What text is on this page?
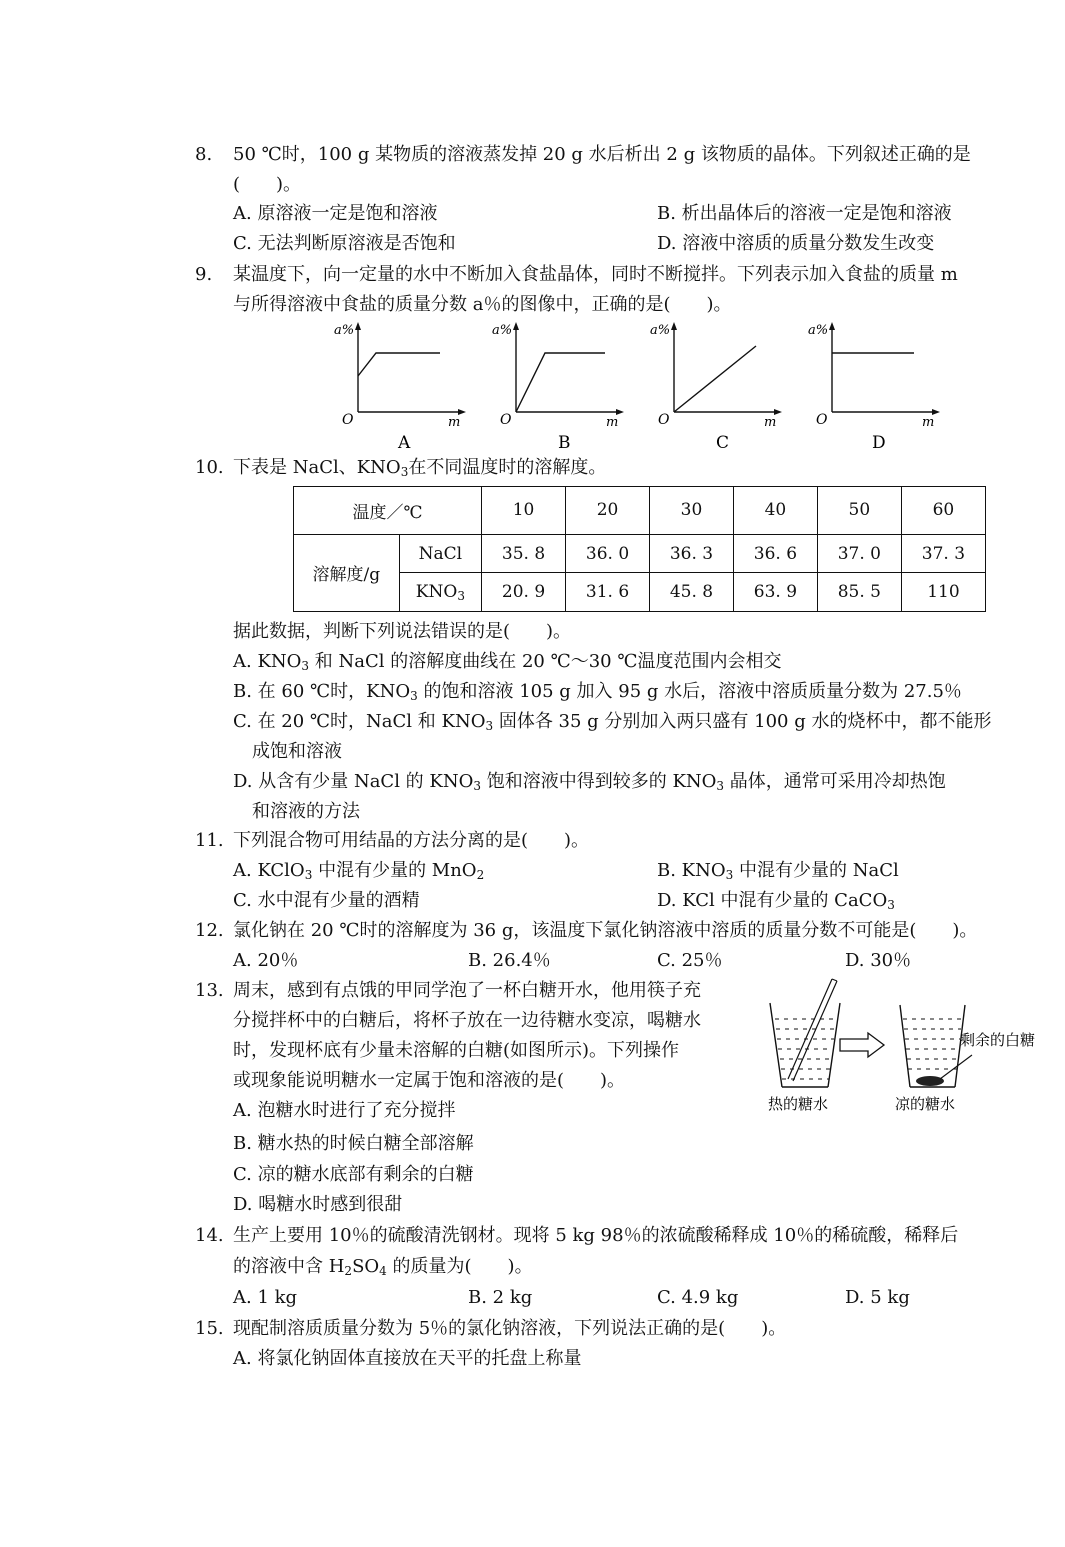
8. 50 ℃时，100 g 某物质的溶液蒸发掉 20 g 水后析出 2 g 该物质的晶体。下列叙述正确的是
(　　)。
A. 原溶液一定是饱和溶液	B. 析出晶体后的溶液一定是饱和溶液
C. 无法判断原溶液是否饱和	D. 溶液中溶质的质量分数发生改变
9. 某温度下，向一定量的水中不断加入食盐晶体，同时不断搅拌。下列表示加入食盐的质量 m
与所得溶液中食盐的质量分数 a％的图像中，正确的是(　　)。
a%
O	m
A
a%
O	m
B
a%
O	m
C
a%
O	m
D
10. 下表是 NaCl、$KNO_3$在不同温度时的溶解度。
温度／℃		10	20	30	40	50	60
溶解度/g	NaCl	35. 8	36. 0	36. 3	36. 6	37. 0	37. 3
	$KNO_3$	20. 9	31. 6	45. 8	63. 9	85. 5	110
据此数据，判断下列说法错误的是(　　)。
A. $KNO_3$ 和 NaCl 的溶解度曲线在 20 ℃～30 ℃温度范围内会相交
B. 在 60 ℃时，$KNO_3$ 的饱和溶液 105 g 加入 95 g 水后，溶液中溶质质量分数为 27.5％
C. 在 20 ℃时，NaCl 和 $KNO_3$ 固体各 35 g 分别加入两只盛有 100 g 水的烧杯中，都不能形
成饱和溶液
D. 从含有少量 NaCl 的 $KNO_3$ 饱和溶液中得到较多的 $KNO_3$ 晶体，通常可采用冷却热饱
和溶液的方法
11. 下列混合物可用结晶的方法分离的是(　　)。
A. KClO$_3$ 中混有少量的 MnO$_2$	B. $KNO_3$ 中混有少量的 NaCl
C. 水中混有少量的酒精	D. KCl 中混有少量的 CaCO$_3$
12. 氯化钠在 20 ℃时的溶解度为 36 g，该温度下氯化钠溶液中溶质的质量分数不可能是(　　)。
A. 20％	B. 26.4％	C. 25％	D. 30％
13. 周末，感到有点饿的甲同学泡了一杯白糖开水，他用筷子充
分搅拌杯中的白糖后，将杯子放在一边待糖水变凉，喝糖水
时，发现杯底有少量未溶解的白糖(如图所示)。下列操作
或现象能说明糖水一定属于饱和溶液的是(　　)。
A. 泡糖水时进行了充分搅拌
B. 糖水热的时候白糖全部溶解
C. 凉的糖水底部有剩余的白糖
D. 喝糖水时感到很甜
热的糖水	凉的糖水
剩余的白糖
14. 生产上要用 10％的硫酸清洗钢材。现将 5 kg 98％的浓硫酸稀释成 10％的稀硫酸，稀释后
的溶液中含 $H_2SO_4$ 的质量为(　　)。
A. 1 kg	B. 2 kg	C. 4.9 kg	D. 5 kg
15. 现配制溶质质量分数为 5％的氯化钠溶液，下列说法正确的是(　　)。
A. 将氯化钠固体直接放在天平的托盘上称量
